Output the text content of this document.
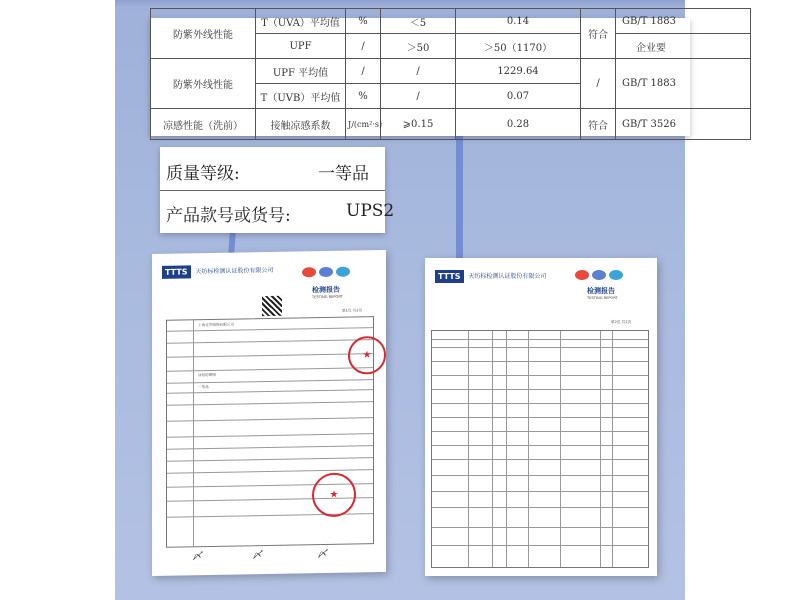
防紫外线性能	T（UVA）平均值	%	＜5	0.14	符合	GB/T 1883

	UPF	/	＞50	＞50（1170）		企业要
防紫外线性能	UPF 平均值	/	/	1229.64	/	GB/T 1883
	T（UVB）平均值	%	/	0.07		
凉感性能（洗前）	接触凉感系数	J/(cm²·s)	⩾0.15	0.28	符合	GB/T 3526
质量等级:	一等品
产品款号或货号:	UPS2
TTTS 天纺标检测认证股份有限公司
检测报告
TESTING REPORT
第1页 共2页
上海北草服饰有限公司
冰丝防晒服
一等品
★
★
〆	〆	〆
TTTS 天纺标检测认证股份有限公司
检测报告
TESTING REPORT
第2页 共2页
